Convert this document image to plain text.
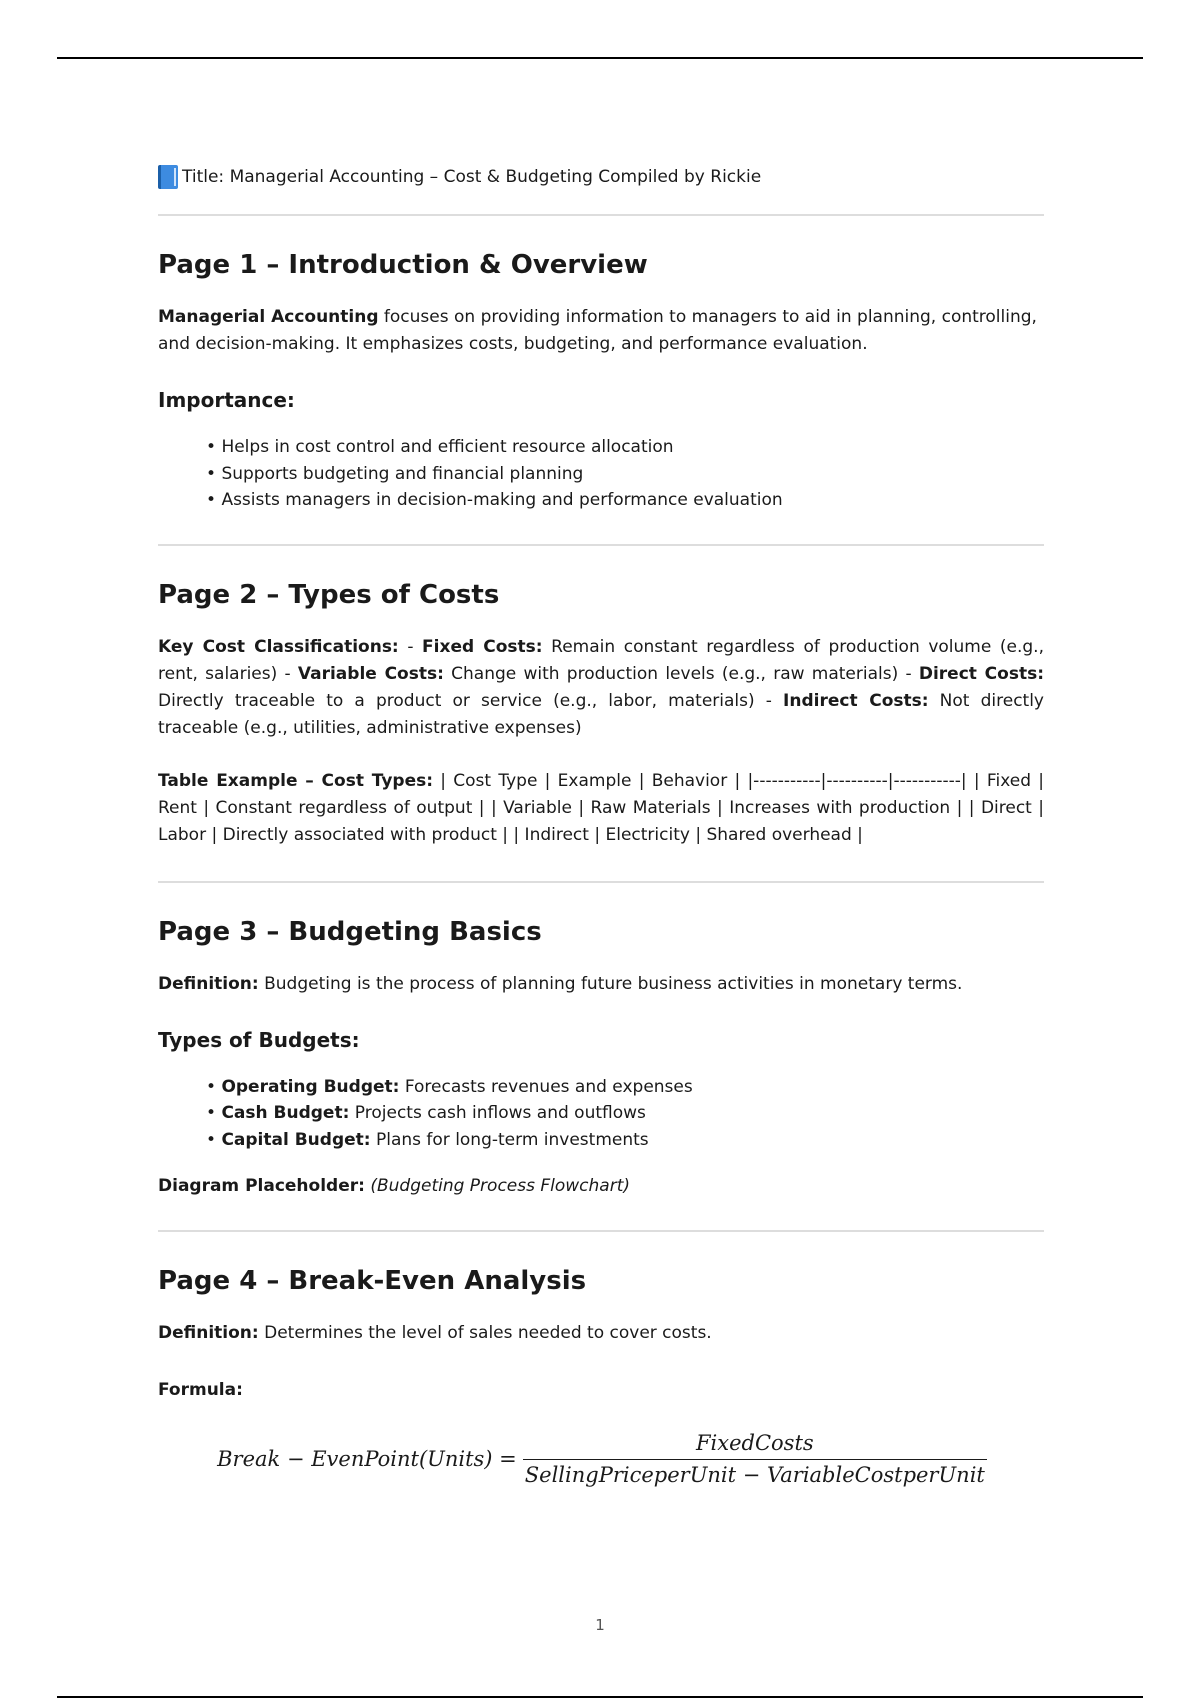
Title: Managerial Accounting – Cost & Budgeting Compiled by Rickie
Page 1 – Introduction & Overview

Managerial Accounting focuses on providing information to managers to aid in planning, controlling, and decision-making. It emphasizes costs, budgeting, and performance evaluation.

Importance:
• Helps in cost control and efficient resource allocation
• Supports budgeting and financial planning
• Assists managers in decision-making and performance evaluation
Page 2 – Types of Costs

Key Cost Classifications: - Fixed Costs: Remain constant regardless of production volume (e.g., rent, salaries) - Variable Costs: Change with production levels (e.g., raw materials) - Direct Costs: Directly traceable to a product or service (e.g., labor, materials) - Indirect Costs: Not directly traceable (e.g., utilities, administrative expenses)

Table Example – Cost Types: | Cost Type | Example | Behavior | |-----------|----------|-----------| | Fixed | Rent | Constant regardless of output | | Variable | Raw Materials | Increases with production | | Direct | Labor | Directly associated with product | | Indirect | Electricity | Shared overhead |

Page 3 – Budgeting Basics

Definition: Budgeting is the process of planning future business activities in monetary terms.

Types of Budgets:
• Operating Budget: Forecasts revenues and expenses
• Cash Budget: Projects cash inflows and outflows
• Capital Budget: Plans for long-term investments

Diagram Placeholder: (Budgeting Process Flowchart)

Page 4 – Break-Even Analysis

Definition: Determines the level of sales needed to cover costs.

Formula:

Break − EvenPoint(Units) = $\frac{\text{FixedCosts}}{\text{SellingPriceperUnit − VariableCostperUnit}}$
1
